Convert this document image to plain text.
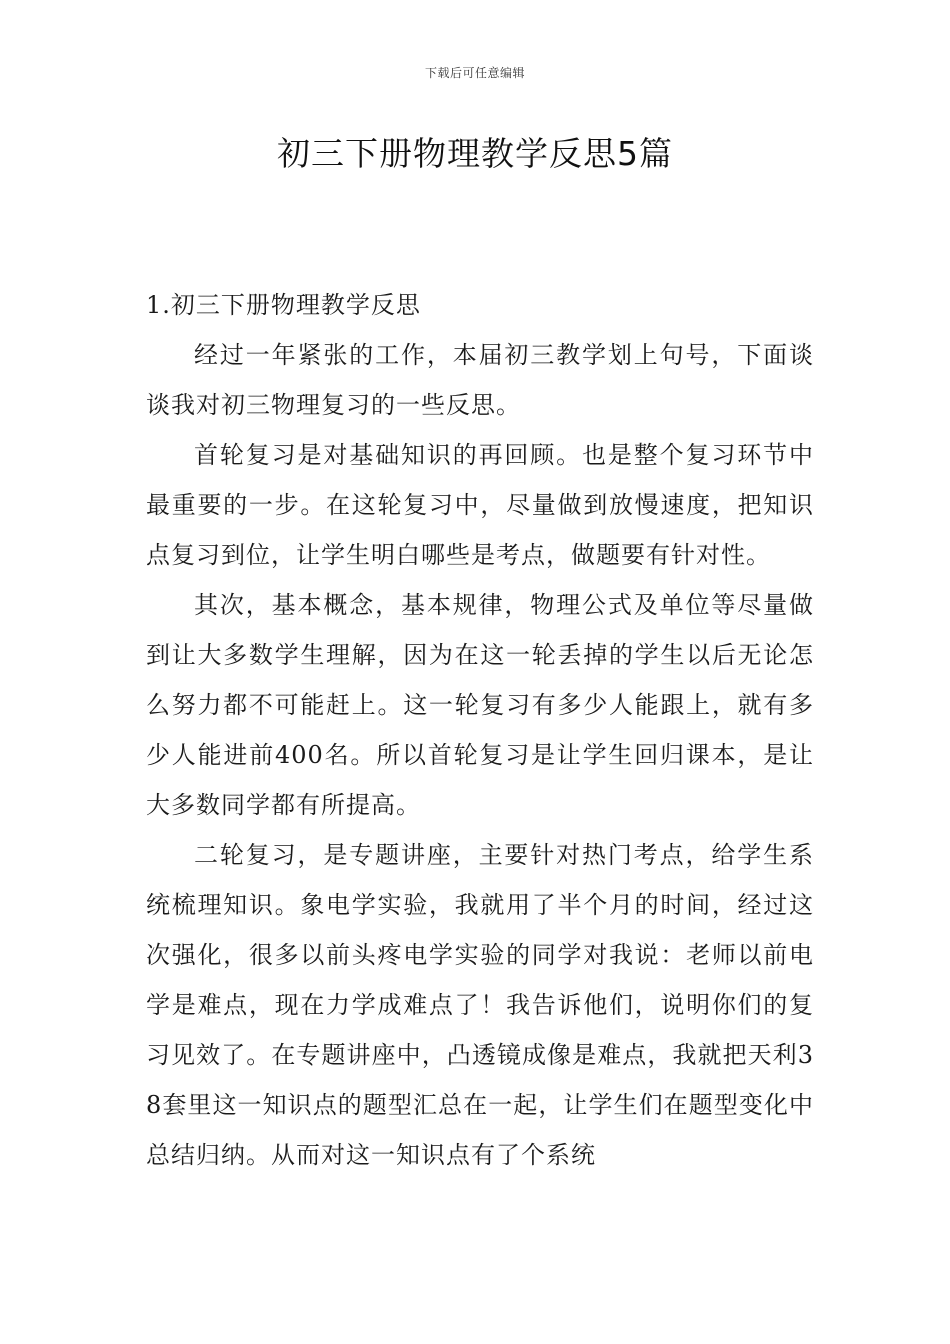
下载后可任意编辑
初三下册物理教学反思5篇

1.初三下册物理教学反思

经过一年紧张的工作，本届初三教学划上句号，下面谈谈我对初三物理复习的一些反思。

首轮复习是对基础知识的再回顾。也是整个复习环节中最重要的一步。在这轮复习中，尽量做到放慢速度，把知识点复习到位，让学生明白哪些是考点，做题要有针对性。

其次，基本概念，基本规律，物理公式及单位等尽量做到让大多数学生理解，因为在这一轮丢掉的学生以后无论怎么努力都不可能赶上。这一轮复习有多少人能跟上，就有多少人能进前400名。所以首轮复习是让学生回归课本，是让大多数同学都有所提高。

二轮复习，是专题讲座，主要针对热门考点，给学生系统梳理知识。象电学实验，我就用了半个月的时间，经过这次强化，很多以前头疼电学实验的同学对我说：老师以前电学是难点，现在力学成难点了！我告诉他们，说明你们的复习见效了。在专题讲座中，凸透镜成像是难点，我就把天利38套里这一知识点的题型汇总在一起，让学生们在题型变化中总结归纳。从而对这一知识点有了个系统
